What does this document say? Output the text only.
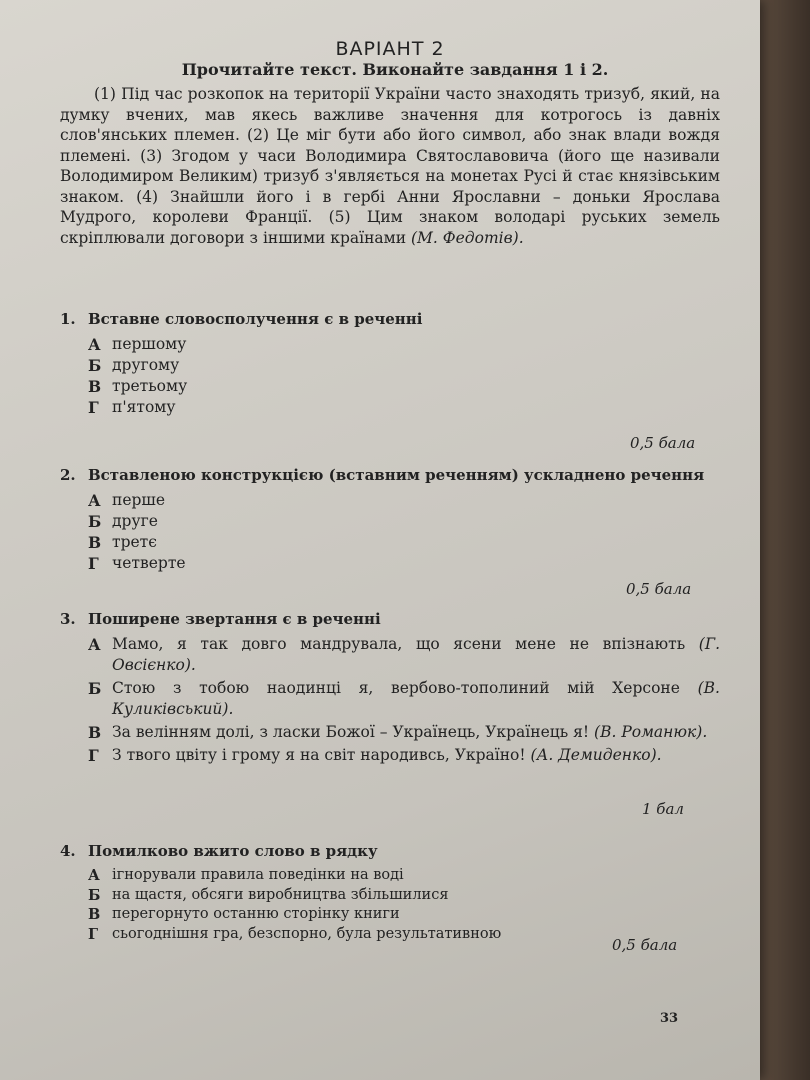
ВАРІАНТ 2
Прочитайте текст. Виконайте завдання 1 і 2.

(1) Під час розкопок на території України часто знаходять тризуб, який, на думку вчених, мав якесь важливе значення для котрогось із давніх слов'янських племен. (2) Це міг бути або його символ, або знак влади вождя племені. (3) Згодом у часи Володимира Святославовича (його ще називали Володимиром Великим) тризуб з'являється на монетах Русі й стає князівським знаком. (4) Знайшли його і в гербі Анни Ярославни – доньки Ярослава Мудрого, королеви Франції. (5) Цим знаком володарі руських земель скріплювали договори з іншими країнами (М. Федотів).

1. Вставне словосполучення є в реченні
А першому
Б другому
В третьому
Г п'ятому
0,5 бала
2. Вставленою конструкцією (вставним реченням) ускладнено речення
А перше
Б друге
В третє
Г четверте
0,5 бала
3. Поширене звертання є в реченні
А Мамо, я так довго мандрувала, що ясени мене не впізнають (Г. Овсієнко).
Б Стою з тобою наодинці я, вербово-тополиний мій Херсоне (В. Куликівський).
В За велінням долі, з ласки Божої – Українець, Українець я! (В. Романюк).
Г З твого цвіту і грому я на світ народивсь, Україно! (А. Демиденко).
1 бал
4. Помилково вжито слово в рядку
А ігнорували правила поведінки на воді
Б на щастя, обсяги виробництва збільшилися
В перегорнуто останню сторінку книги
Г сьогоднішня гра, безспорно, була результативною
0,5 бала
33
